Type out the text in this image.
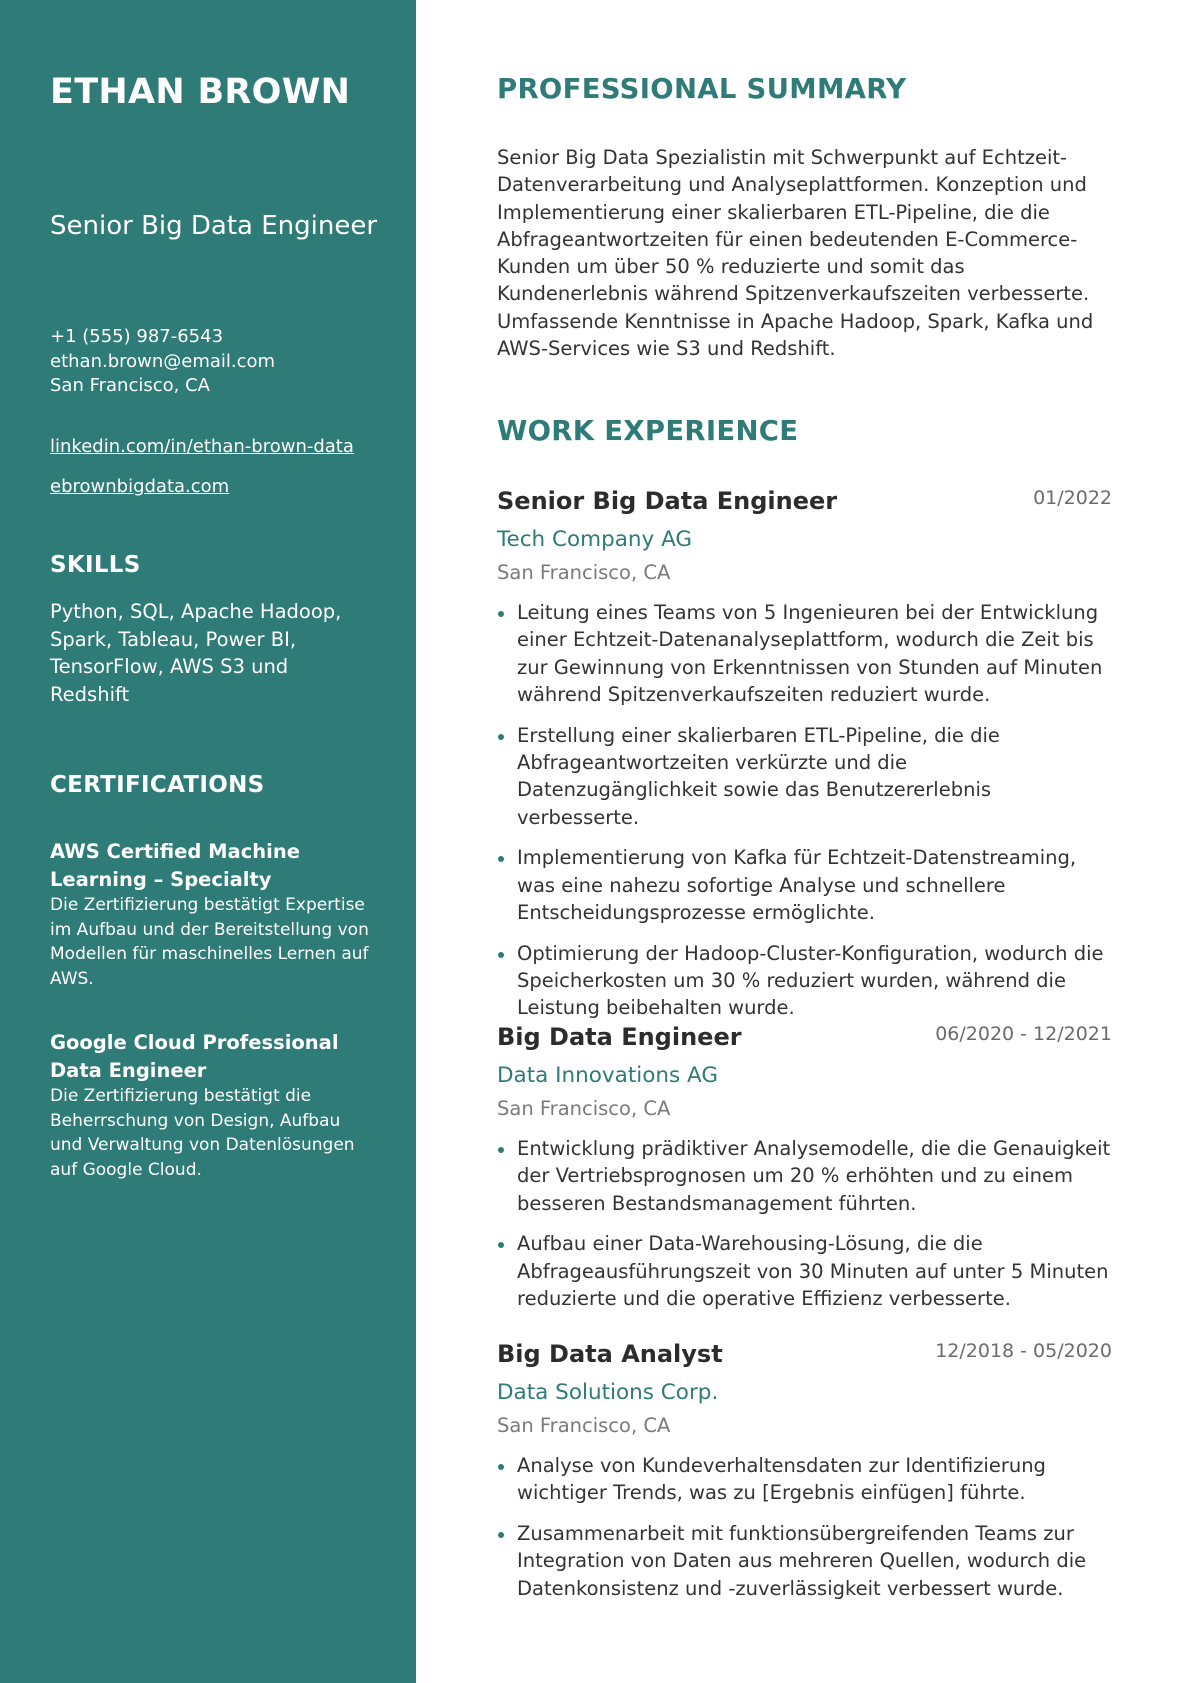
ETHAN BROWN
Senior Big Data Engineer
+1 (555) 987-6543
ethan.brown@email.com
San Francisco, CA
linkedin.com/in/ethan-brown-data
ebrownbigdata.com
SKILLS
Python, SQL, Apache Hadoop, Spark, Tableau, Power BI, TensorFlow, AWS S3 und Redshift
CERTIFICATIONS
AWS Certified Machine Learning – Specialty
Die Zertifizierung bestätigt Expertise im Aufbau und der Bereitstellung von Modellen für maschinelles Lernen auf AWS.
Google Cloud Professional Data Engineer
Die Zertifizierung bestätigt die Beherrschung von Design, Aufbau und Verwaltung von Datenlösungen auf Google Cloud.
PROFESSIONAL SUMMARY

Senior Big Data Spezialistin mit Schwerpunkt auf Echtzeit-Datenverarbeitung und Analyseplattformen. Konzeption und Implementierung einer skalierbaren ETL-Pipeline, die die Abfrageantwortzeiten für einen bedeutenden E-Commerce-Kunden um über 50 % reduzierte und somit das Kundenerlebnis während Spitzenverkaufszeiten verbesserte. Umfassende Kenntnisse in Apache Hadoop, Spark, Kafka und AWS-Services wie S3 und Redshift.

WORK EXPERIENCE
Senior Big Data Engineer	01/2022
Tech Company AG
San Francisco, CA
Leitung eines Teams von 5 Ingenieuren bei der Entwicklung einer Echtzeit-Datenanalyseplattform, wodurch die Zeit bis zur Gewinnung von Erkenntnissen von Stunden auf Minuten während Spitzenverkaufszeiten reduziert wurde.
Erstellung einer skalierbaren ETL-Pipeline, die die Abfrageantwortzeiten verkürzte und die Datenzugänglichkeit sowie das Benutzererlebnis verbesserte.
Implementierung von Kafka für Echtzeit-Datenstreaming, was eine nahezu sofortige Analyse und schnellere Entscheidungsprozesse ermöglichte.
Optimierung der Hadoop-Cluster-Konfiguration, wodurch die Speicherkosten um 30 % reduziert wurden, während die Leistung beibehalten wurde.
Big Data Engineer	06/2020 - 12/2021
Data Innovations AG
San Francisco, CA
Entwicklung prädiktiver Analysemodelle, die die Genauigkeit der Vertriebsprognosen um 20 % erhöhten und zu einem besseren Bestandsmanagement führten.
Aufbau einer Data-Warehousing-Lösung, die die Abfrageausführungszeit von 30 Minuten auf unter 5 Minuten reduzierte und die operative Effizienz verbesserte.
Big Data Analyst	12/2018 - 05/2020
Data Solutions Corp.
San Francisco, CA
Analyse von Kundeverhaltensdaten zur Identifizierung wichtiger Trends, was zu [Ergebnis einfügen] führte.
Zusammenarbeit mit funktionsübergreifenden Teams zur Integration von Daten aus mehreren Quellen, wodurch die Datenkonsistenz und -zuverlässigkeit verbessert wurde.
